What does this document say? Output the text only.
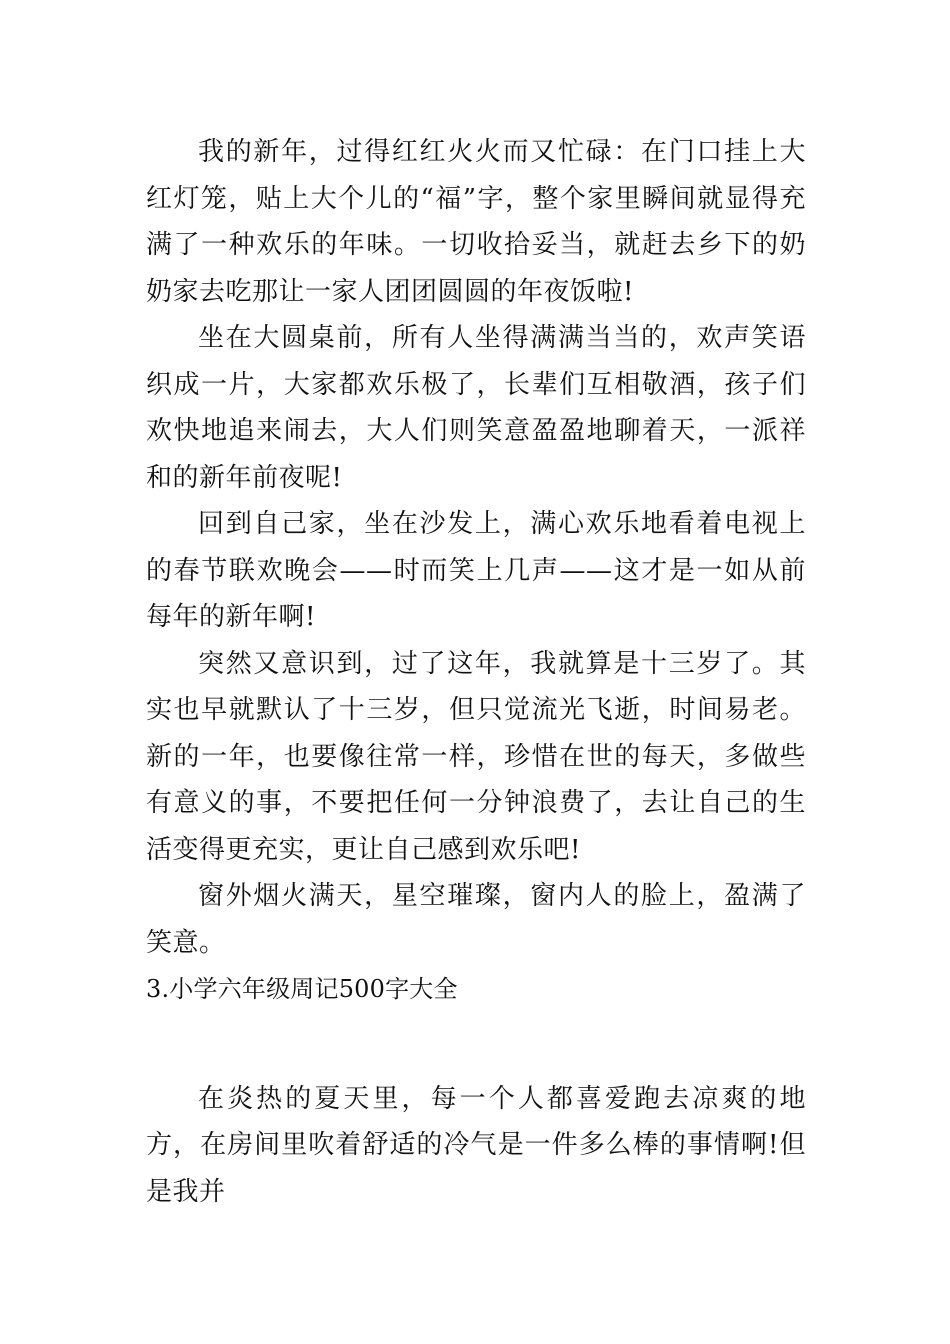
我的新年，过得红红火火而又忙碌：在门口挂上大红灯笼，贴上大个儿的“福”字，整个家里瞬间就显得充满了一种欢乐的年味。一切收拾妥当，就赶去乡下的奶奶家去吃那让一家人团团圆圆的年夜饭啦!

坐在大圆桌前，所有人坐得满满当当的，欢声笑语织成一片，大家都欢乐极了，长辈们互相敬酒，孩子们欢快地追来闹去，大人们则笑意盈盈地聊着天，一派祥和的新年前夜呢!

回到自己家，坐在沙发上，满心欢乐地看着电视上的春节联欢晚会——时而笑上几声——这才是一如从前每年的新年啊!

突然又意识到，过了这年，我就算是十三岁了。其实也早就默认了十三岁，但只觉流光飞逝，时间易老。新的一年，也要像往常一样，珍惜在世的每天，多做些有意义的事，不要把任何一分钟浪费了，去让自己的生活变得更充实，更让自己感到欢乐吧!

窗外烟火满天，星空璀璨，窗内人的脸上，盈满了笑意。

3.小学六年级周记500字大全

在炎热的夏天里，每一个人都喜爱跑去凉爽的地方，在房间里吹着舒适的冷气是一件多么棒的事情啊!但是我并
